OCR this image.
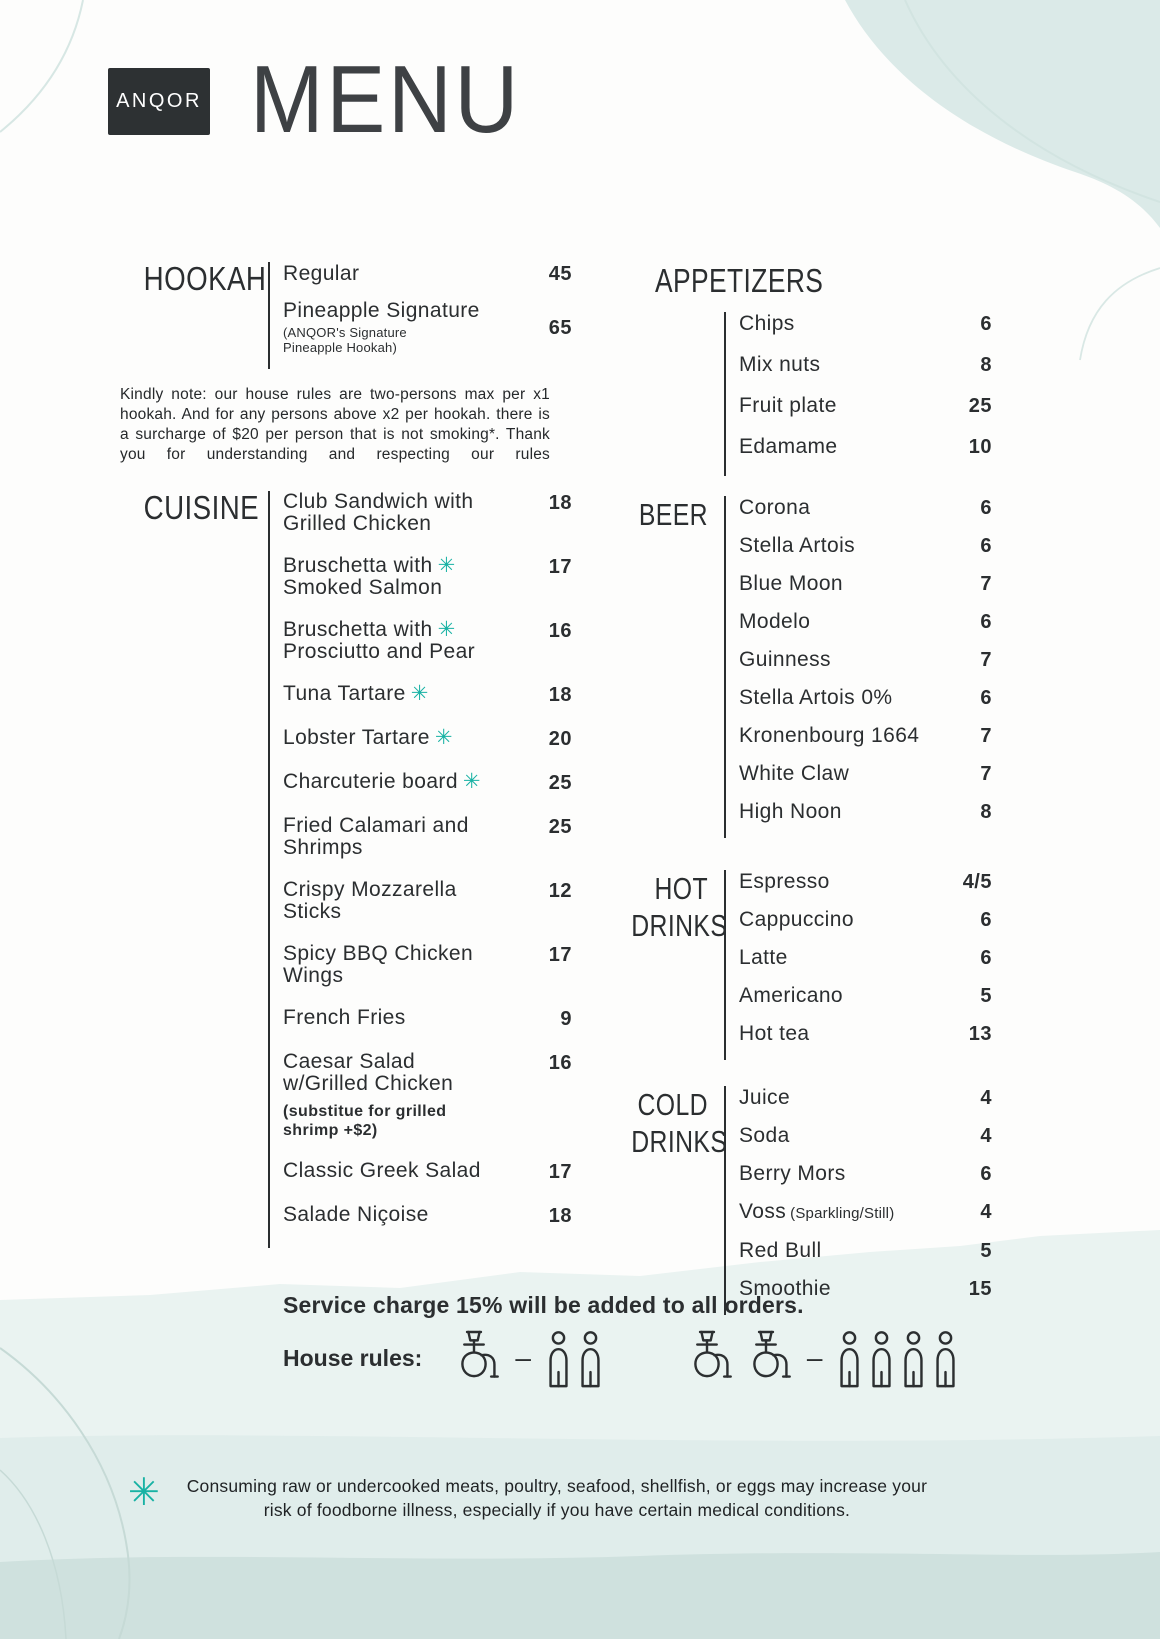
ANQOR MENU
HOOKAH Regular	45
Pineapple Signature
(ANQOR's Signature Pineapple Hookah)
65

Kindly note: our house rules are two-persons max per x1 hookah. And for any persons above x2 per hookah. there is a surcharge of $20 per person that is not smoking*. Thank you for understanding and respecting our rules

CUISINE	Club Sandwich with
Grilled Chicken
18
Bruschetta with ✳
Smoked Salmon
17
Bruschetta with ✳
Prosciutto and Pear
16
Tuna Tartare ✳	18
Lobster Tartare ✳	20
Charcuterie board ✳	25
Fried Calamari and
Shrimps
25
Crispy Mozzarella
Sticks
12
Spicy BBQ Chicken
Wings
17
French Fries	9
Caesar Salad
w/Grilled Chicken
(substitue for grilled shrimp +$2)
16
Classic Greek Salad	17
Salade Niçoise	18
APPETIZERS
Chips	6
Mix nuts	8
Fruit plate	25
Edamame	10
BEER Corona	6
Stella Artois	6
Blue Moon	7
Modelo	6
Guinness	7
Stella Artois 0%	6
Kronenbourg 1664	7
White Claw	7
High Noon	8
HOT
DRINKS
Espresso	4/5
Cappuccino	6
Latte	6
Americano	5
Hot tea	13
COLD
DRINKS
Juice	4
Soda	4
Berry Mors	6
Voss (Sparkling/Still)	4
Red Bull	5
Smoothie	15
Service charge 15% will be added to all orders.
House rules:	–	–
✳	Consuming raw or undercooked meats, poultry, seafood, shellfish, or eggs may increase your risk of foodborne illness, especially if you have certain medical conditions.
